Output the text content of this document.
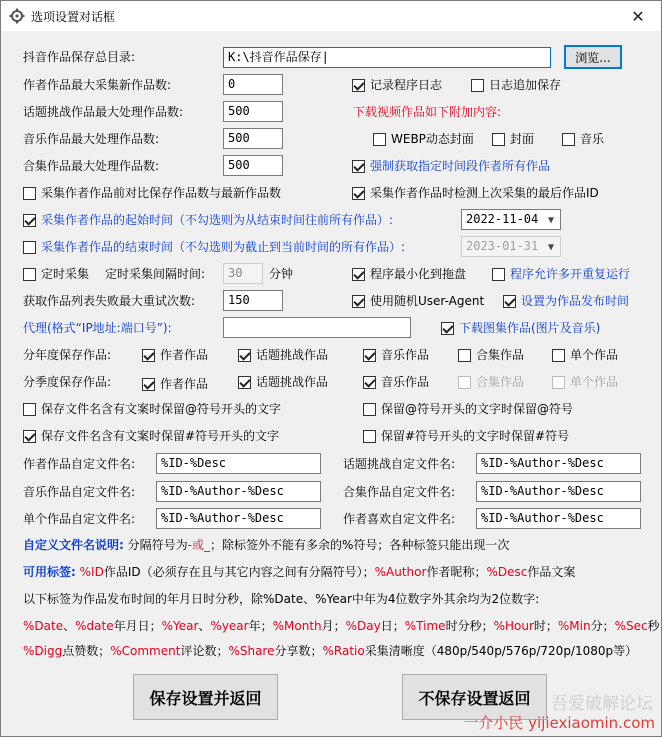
选项设置对话框	✕
抖音作品保存总目录:	K:\抖音作品保存|	浏览...
作者作品最大采集新作品数:	0
话题挑战作品最大处理作品数:	500
音乐作品最大处理作品数:	500
合集作品最大处理作品数:	500
记录程序日志	日志追加保存
下载视频作品如下附加内容:
WEBP动态封面	封面	音乐
强制获取指定时间段作者所有作品
采集作者作品前对比保存作品数与最新作品数	采集作者作品时检测上次采集的最后作品ID
采集作者作品的起始时间（不勾选则为从结束时间往前所有作品）:	2022-11-04 ▼
采集作者作品的结束时间（不勾选则为截止到当前时间的所有作品）:	2023-01-31 ▼
定时采集 定时采集间隔时间:	30	分钟	程序最小化到拖盘	程序允许多开重复运行
获取作品列表失败最大重试次数:	150	使用随机User-Agent	设置为作品发布时间
代理(格式“IP地址:端口号”):	下载图集作品(图片及音乐)
分年度保存作品:	作者作品	话题挑战作品	音乐作品	合集作品	单个作品
分季度保存作品:	作者作品	话题挑战作品	音乐作品	合集作品	单个作品
保存文件名含有文案时保留@符号开头的文字	保留@符号开头的文字时保留@符号
保存文件名含有文案时保留#符号开头的文字	保留#符号开头的文字时保留#符号
作者作品自定文件名:	%ID-%Desc	话题挑战自定文件名:	%ID-%Author-%Desc
音乐作品自定文件名:	%ID-%Author-%Desc	合集作品自定文件名:	%ID-%Author-%Desc
单个作品自定文件名:	%ID-%Author-%Desc	作者喜欢自定文件名:	%ID-%Author-%Desc
自定义文件名说明: 分隔符号为-或_；除标签外不能有多余的%符号；各种标签只能出现一次
可用标签: %ID作品ID（必须存在且与其它内容之间有分隔符号）；%Author作者昵称；%Desc作品文案
以下标签为作品发布时间的年月日时分秒，除%Date、%Year中年为4位数字外其余均为2位数字:
%Date、%date年月日；%Year、%year年；%Month月；%Day日；%Time时分秒；%Hour时；%Min分；%Sec秒
%Digg点赞数；%Comment评论数；%Share分享数；%Ratio采集清晰度（480p/540p/576p/720p/1080p等）
保存设置并返回	不保存设置返回	吾爱破解论坛
一介小民 yijiexiaomin.com
